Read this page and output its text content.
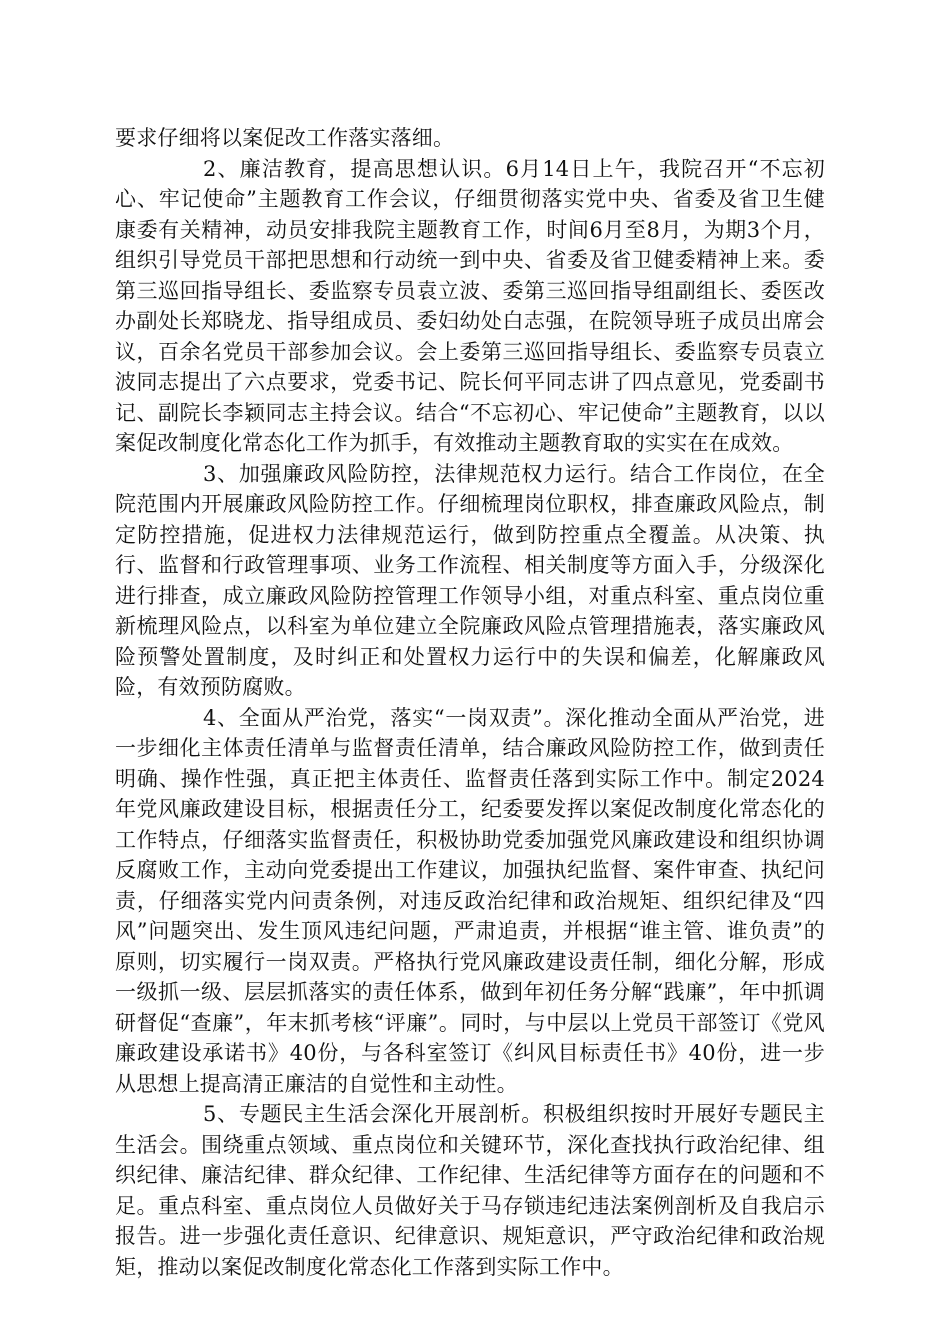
要求仔细将以案促改工作落实落细。

2、廉洁教育，提高思想认识。6月14日上午，我院召开“不忘初心、牢记使命”主题教育工作会议，仔细贯彻落实党中央、省委及省卫生健康委有关精神，动员安排我院主题教育工作，时间6月至8月，为期3个月，组织引导党员干部把思想和行动统一到中央、省委及省卫健委精神上来。委第三巡回指导组长、委监察专员袁立波、委第三巡回指导组副组长、委医改办副处长郑晓龙、指导组成员、委妇幼处白志强，在院领导班子成员出席会议，百余名党员干部参加会议。会上委第三巡回指导组长、委监察专员袁立波同志提出了六点要求，党委书记、院长何平同志讲了四点意见，党委副书记、副院长李颖同志主持会议。结合“不忘初心、牢记使命”主题教育，以以案促改制度化常态化工作为抓手，有效推动主题教育取的实实在在成效。

3、加强廉政风险防控，法律规范权力运行。结合工作岗位，在全院范围内开展廉政风险防控工作。仔细梳理岗位职权，排查廉政风险点，制定防控措施，促进权力法律规范运行，做到防控重点全覆盖。从决策、执行、监督和行政管理事项、业务工作流程、相关制度等方面入手，分级深化进行排查，成立廉政风险防控管理工作领导小组，对重点科室、重点岗位重新梳理风险点，以科室为单位建立全院廉政风险点管理措施表，落实廉政风险预警处置制度，及时纠正和处置权力运行中的失误和偏差，化解廉政风险，有效预防腐败。

4、全面从严治党，落实“一岗双责”。深化推动全面从严治党，进一步细化主体责任清单与监督责任清单，结合廉政风险防控工作，做到责任明确、操作性强，真正把主体责任、监督责任落到实际工作中。制定2024年党风廉政建设目标，根据责任分工，纪委要发挥以案促改制度化常态化的工作特点，仔细落实监督责任，积极协助党委加强党风廉政建设和组织协调反腐败工作，主动向党委提出工作建议，加强执纪监督、案件审查、执纪问责，仔细落实党内问责条例，对违反政治纪律和政治规矩、组织纪律及“四风”问题突出、发生顶风违纪问题，严肃追责，并根据“谁主管、谁负责”的原则，切实履行一岗双责。严格执行党风廉政建设责任制，细化分解，形成一级抓一级、层层抓落实的责任体系，做到年初任务分解“践廉”，年中抓调研督促“查廉”，年末抓考核“评廉”。同时，与中层以上党员干部签订《党风廉政建设承诺书》40份，与各科室签订《纠风目标责任书》40份，进一步从思想上提高清正廉洁的自觉性和主动性。

5、专题民主生活会深化开展剖析。积极组织按时开展好专题民主生活会。围绕重点领域、重点岗位和关键环节，深化查找执行政治纪律、组织纪律、廉洁纪律、群众纪律、工作纪律、生活纪律等方面存在的问题和不足。重点科室、重点岗位人员做好关于马存锁违纪违法案例剖析及自我启示报告。进一步强化责任意识、纪律意识、规矩意识，严守政治纪律和政治规矩，推动以案促改制度化常态化工作落到实际工作中。
